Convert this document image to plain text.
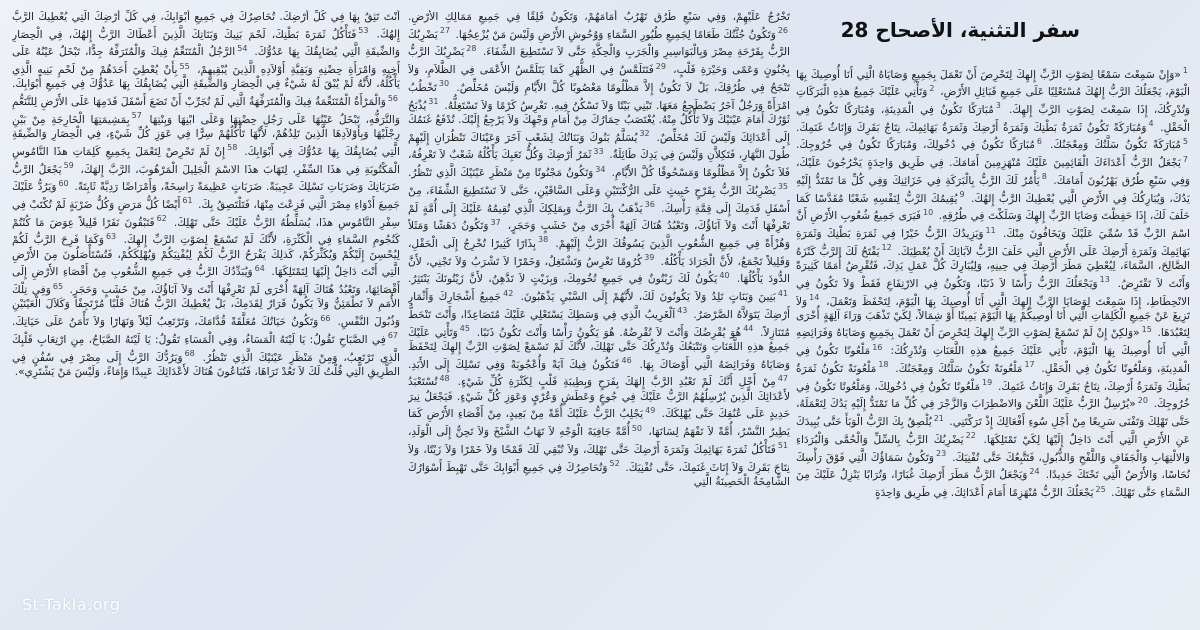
سفر التثنية، الأصحاح 28
$^1$«وَإِنْ سَمِعْتَ سَمْعًا لِصَوْتِ الرَّبِّ إِلهِكَ لِتَحْرِصَ أَنْ تَعْمَلَ بِجَمِيعِ وَصَايَاهُ الَّتِي أَنَا أُوصِيكَ بِهَا الْيَوْمَ، يَجْعَلُكَ الرَّبُّ إِلهُكَ مُسْتَعْلِيًا عَلَى جَمِيعِ قَبَائِلِ الأَرْضِ، $^2$وَتَأْتِي عَلَيْكَ جَمِيعُ هذِهِ الْبَرَكَاتِ وَتُدْرِكُكَ، إِذَا سَمِعْتَ لِصَوْتِ الرَّبِّ إِلهِكَ. $^3$مُبَارَكًا تَكُونُ فِي الْمَدِينَةِ، وَمُبَارَكًا تَكُونُ فِي الْحَقْلِ. $^4$وَمُبَارَكَةً تَكُونُ ثَمَرَةُ بَطْنِكَ وَثَمَرَةُ أَرْضِكَ وَثَمَرَةُ بَهَائِمِكَ، نِتَاجُ بَقَرِكَ وَإِنَاثُ غَنَمِكَ. $^5$مُبَارَكَةً تَكُونُ سَلَّتُكَ وَمِعْجَنُكَ. $^6$مُبَارَكًا تَكُونُ فِي دُخُولِكَ، وَمُبَارَكًا تَكُونُ فِي خُرُوجِكَ. $^7$يَجْعَلُ الرَّبُّ أَعْدَاءَكَ الْقَائِمِينَ عَلَيْكَ مُنْهَزِمِينَ أَمَامَكَ. فِي طَرِيق وَاحِدَةٍ يَخْرُجُونَ عَلَيْكَ، وَفِي سَبْعِ طُرُق يَهْرُبُونَ أَمَامَكَ. $^8$يَأْمُرُ لَكَ الرَّبُّ بِالْبَرَكَةِ فِي خَزَائِنِكَ وَفِي كُلِّ مَا تَمْتَدُّ إِلَيْهِ يَدُكَ، وَيُبَارِكُكَ فِي الأَرْضِ الَّتِي يُعْطِيكَ الرَّبُّ إِلهُكَ. $^9$يُقِيمُكَ الرَّبُّ لِنَفْسِهِ شَعْبًا مُقَدَّسًا كَمَا حَلَفَ لَكَ، إِذَا حَفِظْتَ وَصَايَا الرَّبِّ إِلهِكَ وَسَلَكْتَ فِي طُرُقِهِ. $^{10}$فَيَرَى جَمِيعُ شُعُوبِ الأَرْضِ أَنَّ اسْمَ الرَّبِّ قَدْ سُمِّيَ عَلَيْكَ وَيَخَافُونَ مِنْكَ. $^{11}$وَيَزِيدُكَ الرَّبُّ خَيْرًا فِي ثَمَرَةِ بَطْنِكَ وَثَمَرَةِ بَهَائِمِكَ وَثَمَرَةِ أَرْضِكَ عَلَى الأَرْضِ الَّتِي حَلَفَ الرَّبُّ لآبَائِكَ أَنْ يُعْطِيَكَ. $^{12}$يَفْتَحُ لَكَ الرَّبُّ كَنْزَهُ الصَّالِحَ، السَّمَاءَ، لِيُعْطِيَ مَطَرَ أَرْضِكَ فِي حِينِهِ، وَلِيُبَارِكَ كُلَّ عَمَلِ يَدِكَ، فَتُقْرِضُ أُمَمًا كَثِيرَةً وَأَنْتَ لاَ تَقْتَرِضُ. $^{13}$وَيَجْعَلُكَ الرَّبُّ رَأْسًا لاَ ذَنَبًا، وَتَكُونُ فِي الارْتِفَاعِ فَقَطْ وَلاَ تَكُونُ فِي الانْحِطَاطِ، إِذَا سَمِعْتَ لِوَصَايَا الرَّبِّ إِلهِكَ الَّتِي أَنَا أُوصِيكَ بِهَا الْيَوْمَ، لِتَحْفَظَ وَتَعْمَلَ، $^{14}$وَلاَ تَزِيغَ عَنْ جَمِيعِ الْكَلِمَاتِ الَّتِي أَنَا أُوصِيكُمْ بِهَا الْيَوْمَ يَمِينًا أَوْ شِمَالاً، لِكَيْ تَذْهَبَ وَرَاءَ آلِهَةٍ أُخْرَى لِتَعْبُدَهَا. $^{15}$«وَلكِنْ إِنْ لَمْ تَسْمَعْ لِصَوْتِ الرَّبِّ إِلهِكَ لِتَحْرِصَ أَنْ تَعْمَلَ بِجَمِيعِ وَصَايَاهُ وَفَرَائِضِهِ الَّتِي أَنَا أُوصِيكَ بِهَا الْيَوْمَ، تَأْتِي عَلَيْكَ جَمِيعُ هذِهِ اللَّعَنَاتِ وَتُدْرِكُكَ: $^{16}$مَلْعُونًا تَكُونُ فِي الْمَدِينَةِ، وَمَلْعُونًا تَكُونُ فِي الْحَقْلِ. $^{17}$مَلْعُونَةً تَكُونُ سَلَّتُكَ وَمِعْجَنُكَ. $^{18}$مَلْعُونَةً تَكُونُ ثَمَرَةُ بَطْنِكَ وَثَمَرَةُ أَرْضِكَ، نِتَاجُ بَقَرِكَ وَإِنَاثُ غَنَمِكَ. $^{19}$مَلْعُونًا تَكُونُ فِي دُخُولِكَ، وَمَلْعُونًا تَكُونُ فِي خُرُوجِكَ. $^{20}$«يُرْسِلُ الرَّبُّ عَلَيْكَ اللَّعْنَ وَالاضْطِرَابَ وَالزَّجْرَ فِي كُلِّ مَا تَمْتَدُّ إِلَيْهِ يَدُكَ لِتَعْمَلَهُ، حَتَّى تَهْلِكَ وَتَفْنَى سَرِيعًا مِنْ أَجْلِ سُوءِ أَفْعَالِكَ إِذْ تَرَكْتَنِي. $^{21}$يُلْصِقُ بِكَ الرَّبُّ الْوَبَأَ حَتَّى يُبِيدَكَ عَنِ الأَرْضِ الَّتِي أَنْتَ دَاخِلٌ إِلَيْهَا لِكَيْ تَمْتَلِكَهَا. $^{22}$يَضْرِبُكَ الرَّبُّ بِالسِّلِّ وَالْحُمَّى وَالْبُرَدَاءِ وَالالْتِهَابِ وَالْجَفَافِ وَاللَّفْحِ وَالذُّبُولِ، فَتَتَّبِعُكَ حَتَّى تُفْنِيَكَ. $^{23}$وَتَكُونُ سَمَاؤُكَ الَّتِي فَوْقَ رَأْسِكَ نُحَاسًا، وَالأَرْضُ الَّتِي تَحْتَكَ حَدِيدًا. $^{24}$وَيَجْعَلُ الرَّبُّ مَطَرَ أَرْضِكَ غُبَارًا، وَتُرَابًا يَنْزِلُ عَلَيْكَ مِنَ السَّمَاءِ حَتَّى تَهْلِكَ. $^{25}$يَجْعَلُكَ الرَّبُّ مُنْهَزِمًا أَمَامَ أَعْدَائِكَ. فِي طَرِيق وَاحِدَةٍ
تَخْرُجُ عَلَيْهِمْ، وَفِي سَبْعِ طُرُق تَهْرُبُ أَمَامَهُمْ، وَتَكُونُ قَلِقًا فِي جَمِيعِ مَمَالِكِ الأَرْضِ. $^{26}$وَتَكُونُ جُثَّتُكَ طَعَامًا لِجَمِيعِ طُيُورِ السَّمَاءِ وَوُحُوشِ الأَرْضِ وَلَيْسَ مَنْ يُزْعِجُهَا. $^{27}$يَضْرِبُكَ الرَّبُّ بِقَرْحَةِ مِصْرَ وَبِالْبَوَاسِيرِ وَالْجَرَبِ وَالْحِكَّةِ حَتَّى لاَ تَسْتَطِيعَ الشِّفَاءَ. $^{28}$يَضْرِبُكَ الرَّبُّ بِجُنُونٍ وَعَمًى وَحَيْرَةِ قَلْبٍ، $^{29}$فَتَتَلَمَّسُ فِي الظُّهْرِ كَمَا يَتَلَمَّسُ الأَعْمَى فِي الظَّلاَمِ، وَلاَ تَنْجَحُ فِي طُرُقِكَ، بَلْ لاَ تَكُونُ إِلاَّ مَظْلُومًا مَغْصُوبًا كُلَّ الأَيَّامِ وَلَيْسَ مُخَلِّصٌ. $^{30}$تَخْطُبُ امْرَأَةً وَرَجُلٌ آخَرُ يَضْطَجِعُ مَعَهَا. تَبْنِي بَيْتًا وَلاَ تَسْكُنُ فِيهِ. تَغْرِسُ كَرْمًا وَلاَ تَسْتَغِلُّهُ. $^{31}$يُذْبَحُ ثَوْرُكَ أَمَامَ عَيْنَيْكَ وَلاَ تَأْكُلُ مِنْهُ. يُغْتَصَبُ حِمَارُكَ مِنْ أَمَامِ وَجْهِكَ وَلاَ يَرْجِعُ إِلَيْكَ. تُدْفَعُ غَنَمُكَ إِلَى أَعْدَائِكَ وَلَيْسَ لَكَ مُخَلِّصٌ. $^{32}$يُسَلَّمُ بَنُوكَ وَبَنَاتُكَ لِشَعْبٍ آخَرَ وَعَيْنَاكَ تَنْظُرَانِ إِلَيْهِمْ طُولَ النَّهَارِ، فَتَكِلاَّنِ وَلَيْسَ فِي يَدِكَ طَائِلَةٌ. $^{33}$ثَمَرُ أَرْضِكَ وَكُلُّ تَعَبِكَ يَأْكُلُهُ شَعْبٌ لاَ تَعْرِفُهُ، فَلاَ تَكُونُ إِلاَّ مَظْلُومًا وَمَسْحُوقًا كُلَّ الأَيَّامِ. $^{34}$وَتَكُونُ مَجْنُونًا مِنْ مَنْظَرِ عَيْنَيْكَ الَّذِي تَنْظُرُ. $^{35}$يَضْرِبُكَ الرَّبُّ بِقَرْحٍ خَبِيثٍ عَلَى الرُّكْبَتَيْنِ وَعَلَى السَّاقَيْنِ، حَتَّى لاَ تَسْتَطِيعَ الشِّفَاءَ، مِنْ أَسْفَلِ قَدَمِكَ إِلَى قِمَّةِ رَأْسِكَ. $^{36}$يَذْهَبُ بِكَ الرَّبُّ وَبِمَلِكِكَ الَّذِي تُقِيمُهُ عَلَيْكَ إِلَى أُمَّةٍ لَمْ تَعْرِفْهَا أَنْتَ وَلاَ آبَاؤُكَ، وَتَعْبُدُ هُنَاكَ آلِهَةً أُخْرَى مِنْ خَشَبٍ وَحَجَرٍ، $^{37}$وَتَكُونُ دَهَشًا وَمَثَلاً وَهُزْأَةً فِي جَمِيعِ الشُّعُوبِ الَّذِينَ يَسُوقُكَ الرَّبُّ إِلَيْهِمْ. $^{38}$بِذَارًا كَثِيرًا تُخْرِجُ إِلَى الْحَقْلِ، وَقَلِيلاً تَجْمَعُ، لأَنَّ الْجَرَادَ يَأْكُلُهُ. $^{39}$كُرُومًا تَغْرِسُ وَتَشْتَغِلُ، وَخَمْرًا لاَ تَشْرَبُ وَلاَ تَجْنِي، لأَنَّ الدُّودَ يَأْكُلُهَا. $^{40}$يَكُونُ لَكَ زَيْتُونٌ فِي جَمِيعِ تُخُومِكَ، وَبِزَيْتٍ لاَ تَدَّهِنُ، لأَنَّ زَيْتُونَكَ يَنْتَثِرُ. $^{41}$بَنِينَ وَبَنَاتٍ تَلِدُ وَلاَ يَكُونُونَ لَكَ، لأَنَّهُمْ إِلَى السَّبْيِ يَذْهَبُونَ. $^{42}$جَمِيعُ أَشْجَارِكَ وَأَثْمَارِ أَرْضِكَ يَتَوَلاَّهُ الصَّرْصَرُ. $^{43}$اَلْغَرِيبُ الَّذِي فِي وَسَطِكَ يَسْتَعْلِي عَلَيْكَ مُتَصَاعِدًا، وَأَنْتَ تَنْحَطُّ مُتَنَازِلاً. $^{44}$هُوَ يُقْرِضُكَ وَأَنْتَ لاَ تُقْرِضُهُ. هُوَ يَكُونُ رَأْسًا وَأَنْتَ تَكُونُ ذَنَبًا. $^{45}$وَتَأْتِي عَلَيْكَ جَمِيعُ هذِهِ اللَّعَنَاتِ وَتَتْبَعُكَ وَتُدْرِكُكَ حَتَّى تَهْلِكَ، لأَنَّكَ لَمْ تَسْمَعْ لِصَوْتِ الرَّبِّ إِلهِكَ لِتَحْفَظَ وَصَايَاهُ وَفَرَائِضَهُ الَّتِي أَوْصَاكَ بِهَا. $^{46}$فَتَكُونُ فِيكَ آيَةً وَأُعْجُوبَةً وَفِي نَسْلِكَ إِلَى الأَبَدِ. $^{47}$مِنْ أَجْلِ أَنَّكَ لَمْ تَعْبُدِ الرَّبَّ إِلهَكَ بِفَرَحٍ وَبِطِيبَةِ قَلْبٍ لِكَثْرَةِ كُلِّ شَيْءٍ. $^{48}$تُسْتَعْبَدُ لأَعْدَائِكَ الَّذِينَ يُرْسِلُهُمُ الرَّبُّ عَلَيْكَ فِي جُوعٍ وَعَطَشٍ وَعُرْيٍ وَعَوَزِ كُلِّ شَيْءٍ. فَيَجْعَلُ نِيرَ حَدِيدٍ عَلَى عُنُقِكَ حَتَّى يُهْلِكَكَ. $^{49}$يَجْلِبُ الرَّبُّ عَلَيْكَ أُمَّةً مِنْ بَعِيدٍ، مِنْ أَقْصَاءِ الأَرْضِ كَمَا يَطِيرُ النَّسْرُ، أُمَّةً لاَ تَفْهَمُ لِسَانَهَا، $^{50}$أُمَّةً جَافِيَةَ الْوَجْهِ لاَ تَهَابُ الشَّيْخَ وَلاَ تَحِنُّ إِلَى الْوَلَدِ، $^{51}$فَتَأْكُلُ ثَمَرَةَ بَهَائِمِكَ وَثَمَرَةَ أَرْضِكَ حَتَّى تَهْلِكَ، وَلاَ تُبْقِي لَكَ قَمْحًا وَلاَ خَمْرًا وَلاَ زَيْتًا، وَلاَ نِتَاجَ بَقَرِكَ وَلاَ إِنَاثَ غَنَمِكَ، حَتَّى تُفْنِيَكَ. $^{52}$وَتُحَاصِرُكَ فِي جَمِيعِ أَبْوَابِكَ حَتَّى تَهْبِطَ أَسْوَارُكَ الشَّامِخَةُ الْحَصِينَةُ الَّتِي
أَنْتَ تَثِقُ بِهَا فِي كُلِّ أَرْضِكَ. تُحَاصِرُكَ فِي جَمِيعِ أَبْوَابِكَ، فِي كُلِّ أَرْضِكَ الَّتِي يُعْطِيكَ الرَّبُّ إِلهُكَ. $^{53}$فَتَأْكُلُ ثَمَرَةَ بَطْنِكَ، لَحْمَ بَنِيكَ وَبَنَاتِكَ الَّذِينَ أَعْطَاكَ الرَّبُّ إِلهُكَ، فِي الْحِصَارِ وَالضِّيقَةِ الَّتِي يُضَايِقُكَ بِهَا عَدُوُّكَ. $^{54}$الرَّجُلُ الْمُتَنَعِّمُ فِيكَ وَالْمُتَرَفِّهُ جِدًّا، تَبْخَلُ عَيْنُهُ عَلَى أَخِيهِ وَامْرَأَةِ حِضْنِهِ وَبَقِيَّةِ أَوْلاَدِهِ الَّذِينَ يُبْقِيهِمْ، $^{55}$بِأَنْ يُعْطِيَ أَحَدَهُمْ مِنْ لَحْمِ بَنِيهِ الَّذِي يَأْكُلُهُ، لأَنَّهُ لَمْ يُبْقَ لَهُ شَيْءٌ فِي الْحِصَارِ وَالضِّيقَةِ الَّتِي يُضَايِقُكَ بِهَا عَدُوُّكَ فِي جَمِيعِ أَبْوَابِكَ. $^{56}$وَالْمَرْأَةُ الْمُتَنَعِّمَةُ فِيكَ وَالْمُتَرَفِّهَةُ الَّتِي لَمْ تُجَرِّبْ أَنْ تَضَعَ أَسْفَلَ قَدَمِهَا عَلَى الأَرْضِ لِلتَّنَعُّمِ وَالتَّرَفُّهِ، تَبْخَلُ عَيْنُهَا عَلَى رَجُلِ حِضْنِهَا وَعَلَى ابْنِهَا وَبِنْتِهَا $^{57}$بِمَشِيمَتِهَا الْخَارِجَةِ مِنْ بَيْنِ رِجْلَيْهَا وَبِأَوْلاَدِهَا الَّذِينَ تَلِدُهُمْ، لأَنَّهَا تَأْكُلُهُمْ سِرًّا فِي عَوَزِ كُلِّ شَيْءٍ، فِي الْحِصَارِ وَالضِّيقَةِ الَّتِي يُضَايِقُكَ بِهَا عَدُوُّكَ فِي أَبْوَابِكَ. $^{58}$إِنْ لَمْ تَحْرِصْ لِتَعْمَلَ بِجَمِيعِ كَلِمَاتِ هذَا النَّامُوسِ الْمَكْتُوبَةِ فِي هذَا السِّفْرِ، لِتَهَابَ هذَا الاسْمَ الْجَلِيلَ الْمَرْهُوبَ، الرَّبَّ إِلهَكَ، $^{59}$يَجْعَلُ الرَّبُّ ضَرَبَاتِكَ وَضَرَبَاتِ نَسْلِكَ عَجِيبَةً. ضَرَبَاتٍ عَظِيمَةً رَاسِخَةً، وَأَمْرَاضًا رَدِيَّةً ثَابِتَةً. $^{60}$وَيَرُدُّ عَلَيْكَ جَمِيعَ أَدْوَاءِ مِصْرَ الَّتِي فَزِعْتَ مِنْهَا، فَتَلْتَصِقُ بِكَ. $^{61}$أَيْضًا كُلُّ مَرَضٍ وَكُلُّ ضَرْبَةٍ لَمْ تُكْتَبْ فِي سِفْرِ النَّامُوسِ هذَا، يُسَلِّطُهُ الرَّبُّ عَلَيْكَ حَتَّى تَهْلِكَ. $^{62}$فَتَبْقُونَ نَفَرًا قَلِيلاً عِوَضَ مَا كُنْتُمْ كَنُجُومِ السَّمَاءِ فِي الْكَثْرَةِ، لأَنَّكَ لَمْ تَسْمَعْ لِصَوْتِ الرَّبِّ إِلهِكَ. $^{63}$وَكَمَا فَرِحَ الرَّبُّ لَكُمْ لِيُحْسِنَ إِلَيْكُمْ وَيُكَثِّرَكُمْ، كَذلِكَ يَفْرَحُ الرَّبُّ لَكُمْ لِيُفْنِيَكُمْ وَيُهْلِكَكُمْ، فَتُسْتَأْصَلُونَ مِنَ الأَرْضِ الَّتِي أَنْتَ دَاخِلٌ إِلَيْهَا لِتَمْتَلِكَهَا. $^{64}$وَيُبَدِّدُكَ الرَّبُّ فِي جَمِيعِ الشُّعُوبِ مِنْ أَقْصَاءِ الأَرْضِ إِلَى أَقْصَائِهَا، وَتَعْبُدُ هُنَاكَ آلِهَةً أُخْرَى لَمْ تَعْرِفْهَا أَنْتَ وَلاَ آبَاؤُكَ، مِنْ خَشَبٍ وَحَجَرٍ. $^{65}$وَفِي تِلْكَ الأُمَمِ لاَ تَطْمَئِنُّ وَلاَ يَكُونُ قَرَارٌ لِقَدَمِكَ، بَلْ يُعْطِيكَ الرَّبُّ هُنَاكَ قَلْبًا مُرْتَجِفًا وَكَلاَلَ الْعَيْنَيْنِ وَذُبُولَ النَّفْسِ. $^{66}$وَتَكُونُ حَيَاتُكَ مُعَلَّقَةً قُدَّامَكَ، وَتَرْتَعِبُ لَيْلاً وَنَهَارًا وَلاَ تَأْمَنُ عَلَى حَيَاتِكَ. $^{67}$فِي الصَّبَاحِ تَقُولُ: يَا لَيْتَهُ الْمَسَاءُ، وَفِي الْمَسَاءِ تَقُولُ: يَا لَيْتَهُ الصَّبَاحُ، مِنِ ارْتِعَابِ قَلْبِكَ الَّذِي تَرْتَعِبُ، وَمِنْ مَنْظَرِ عَيْنَيْكَ الَّذِي تَنْظُرُ. $^{68}$وَيَرُدُّكَ الرَّبُّ إِلَى مِصْرَ فِي سُفُنٍ فِي الطَّرِيقِ الَّتِي قُلْتُ لَكَ لاَ تَعُدْ تَرَاهَا، فَتُبَاعُونَ هُنَاكَ لأَعْدَائِكَ عَبِيدًا وَإِمَاءً، وَلَيْسَ مَنْ يَشْتَرِي».
St-Takla.org
